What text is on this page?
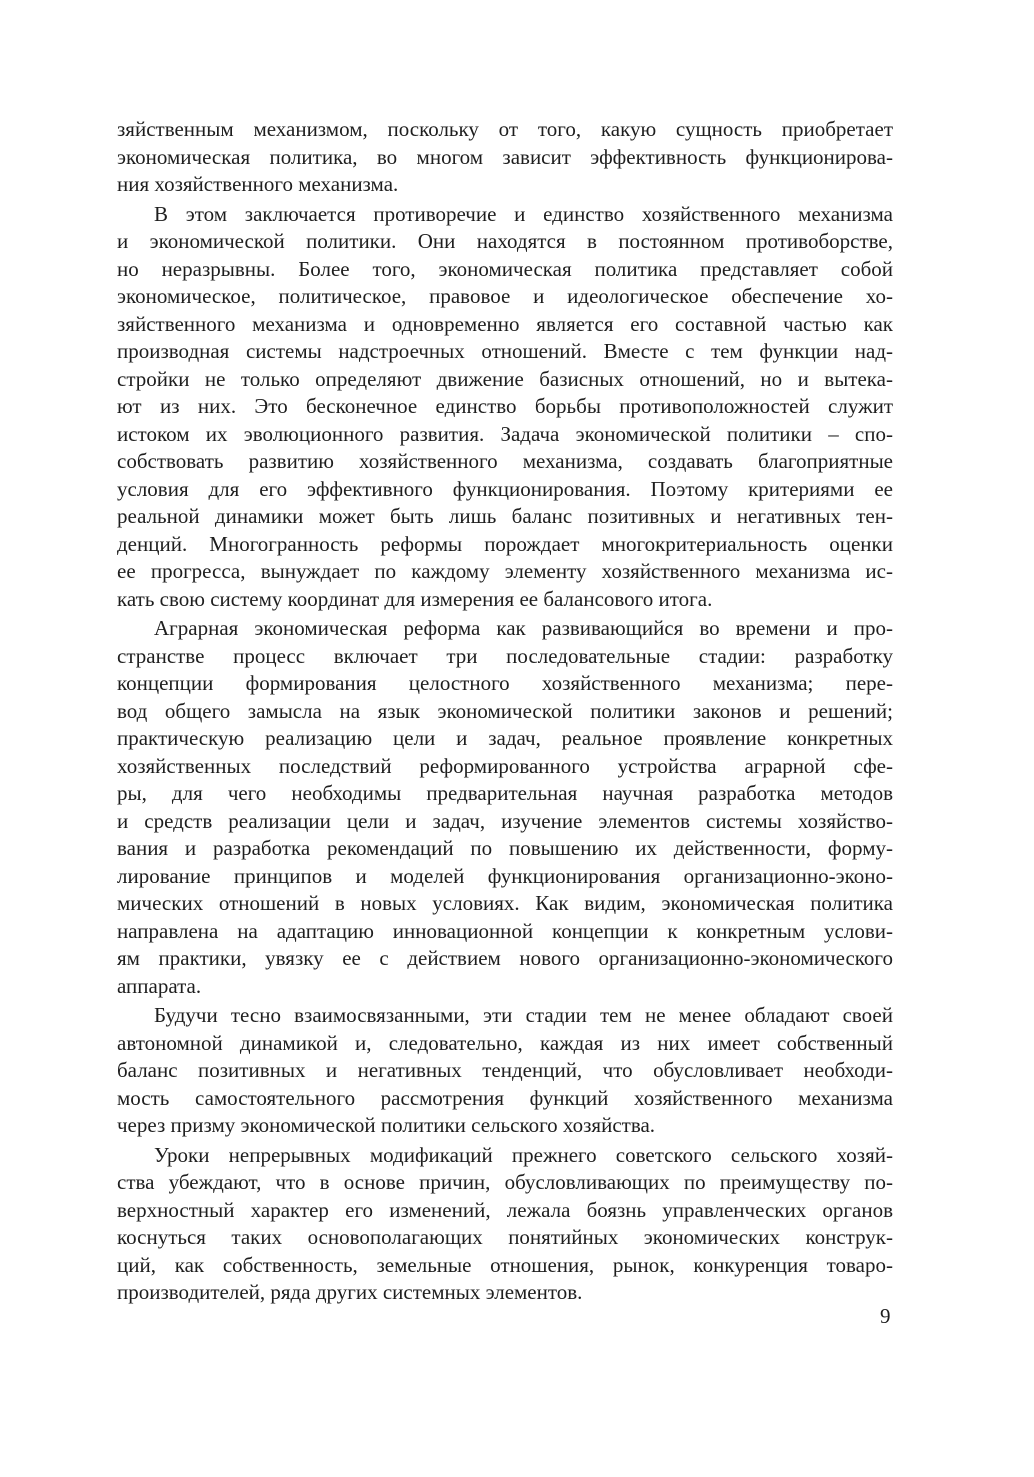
зяйственным механизмом, поскольку от того, какую сущность приобретает
экономическая политика, во многом зависит эффективность функционирова-
ния хозяйственного механизма.
В этом заключается противоречие и единство хозяйственного механизма
и экономической политики. Они находятся в постоянном противоборстве,
но неразрывны. Более того, экономическая политика представляет собой
экономическое, политическое, правовое и идеологическое обеспечение хо-
зяйственного механизма и одновременно является его составной частью как
производная системы надстроечных отношений. Вместе с тем функции над-
стройки не только определяют движение базисных отношений, но и вытека-
ют из них. Это бесконечное единство борьбы противоположностей служит
истоком их эволюционного развития. Задача экономической политики – спо-
собствовать развитию хозяйственного механизма, создавать благоприятные
условия для его эффективного функционирования. Поэтому критериями ее
реальной динамики может быть лишь баланс позитивных и негативных тен-
денций. Многогранность реформы порождает многокритериальность оценки
ее прогресса, вынуждает по каждому элементу хозяйственного механизма ис-
кать свою систему координат для измерения ее балансового итога.
Аграрная экономическая реформа как развивающийся во времени и про-
странстве процесс включает три последовательные стадии: разработку
концепции формирования целостного хозяйственного механизма; пере-
вод общего замысла на язык экономической политики законов и решений;
практическую реализацию цели и задач, реальное проявление конкретных
хозяйственных последствий реформированного устройства аграрной сфе-
ры, для чего необходимы предварительная научная разработка методов
и средств реализации цели и задач, изучение элементов системы хозяйство-
вания и разработка рекомендаций по повышению их действенности, форму-
лирование принципов и моделей функционирования организационно-эконо-
мических отношений в новых условиях. Как видим, экономическая политика
направлена на адаптацию инновационной концепции к конкретным услови-
ям практики, увязку ее с действием нового организационно-экономического
аппарата.
Будучи тесно взаимосвязанными, эти стадии тем не менее обладают своей
автономной динамикой и, следовательно, каждая из них имеет собственный
баланс позитивных и негативных тенденций, что обусловливает необходи-
мость самостоятельного рассмотрения функций хозяйственного механизма
через призму экономической политики сельского хозяйства.
Уроки непрерывных модификаций прежнего советского сельского хозяй-
ства убеждают, что в основе причин, обусловливающих по преимуществу по-
верхностный характер его изменений, лежала боязнь управленческих органов
коснуться таких основополагающих понятийных экономических конструк-
ций, как собственность, земельные отношения, рынок, конкуренция товаро-
производителей, ряда других системных элементов.
9
